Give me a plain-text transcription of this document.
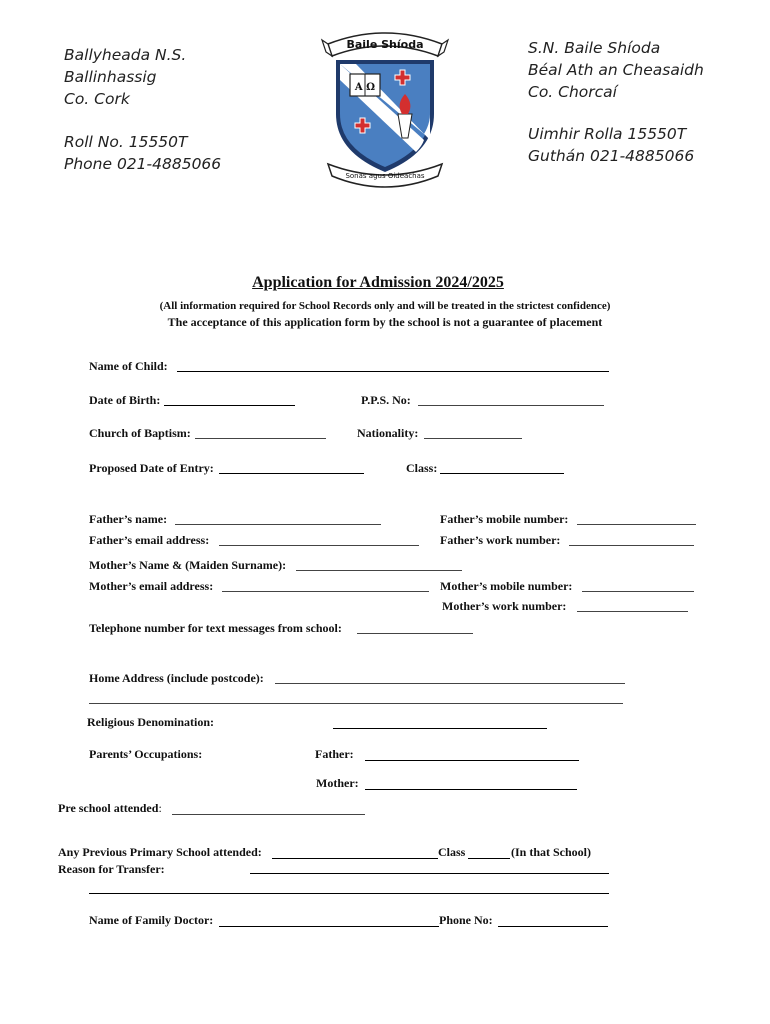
Ballyheada N.S.
Ballinhassig
Co. Cork
Roll No. 15550T
Phone 021-4885066
S.N. Baile Shíoda
Béal Ath an Cheasaidh
Co. Chorcaí
Uimhir Rolla 15550T
Guthán 021-4885066
Baile Shíoda
Α Ω
Sonas agus Oideachas
Application for Admission 2024/2025
(All information required for School Records only and will be treated in the strictest confidence)
The acceptance of this application form by the school is not a guarantee of placement
Name of Child:
Date of Birth:	P.P.S. No:
Church of Baptism:	Nationality:
Proposed Date of Entry:	Class:
Father’s name:	Father’s mobile number:
Father’s email address:	Father’s work number:
Mother’s Name & (Maiden Surname):
Mother’s email address:	Mother’s mobile number:
Mother’s work number:
Telephone number for text messages from school:
Home Address (include postcode):
Religious Denomination:
Parents’ Occupations:	Father:
Mother:
Pre school attended:
Any Previous Primary School attended:	Class	(In that School)
Reason for Transfer:
Name of Family Doctor:	Phone No:
